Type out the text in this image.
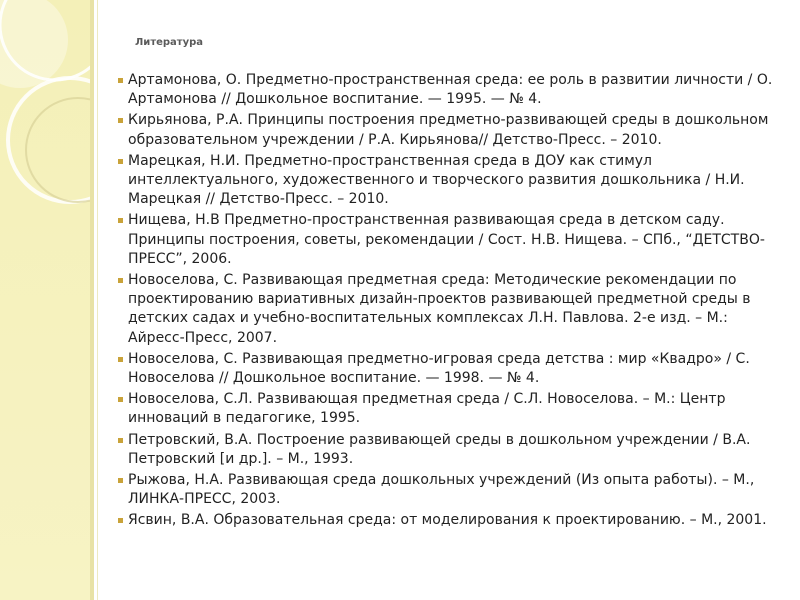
Литература
Артамонова, О. Предметно-пространственная среда: ее роль в развитии личности / О. Артамонова // Дошкольное воспитание. — 1995. — № 4.
Кирьянова, Р.А. Принципы построения предметно-развивающей среды в дошкольном образовательном учреждении / Р.А. Кирьянова// Детство-Пресс. – 2010.
Марецкая, Н.И. Предметно-пространственная среда в ДОУ как стимул интеллектуального, художественного и творческого развития дошкольника / Н.И. Марецкая // Детство-Пресс. – 2010.
Нищева, Н.В Предметно-пространственная развивающая среда в детском саду. Принципы построения, советы, рекомендации / Сост. Н.В. Нищева. – СПб., “ДЕТСТВО-ПРЕСС”, 2006.
Новоселова, С. Развивающая предметная среда: Методические рекомендации по проектированию вариативных дизайн-проектов развивающей предметной среды в детских садах и учебно-воспитательных комплексах Л.Н. Павлова. 2-е изд. – М.: Айресс-Пресс, 2007.
Новоселова, С. Развивающая предметно-игровая среда детства : мир «Квадро» / С. Новоселова // Дошкольное воспитание. — 1998. — № 4.
Новоселова, С.Л. Развивающая предметная среда / С.Л. Новоселова. – М.: Центр инноваций в педагогике, 1995.
Петровский, В.А. Построение развивающей среды в дошкольном учреждении / В.А. Петровский [и др.]. – М., 1993.
Рыжова, Н.А. Развивающая среда дошкольных учреждений (Из опыта работы). – М., ЛИНКА-ПРЕСС, 2003.
Ясвин, В.А. Образовательная среда: от моделирования к проектированию. – М., 2001.
